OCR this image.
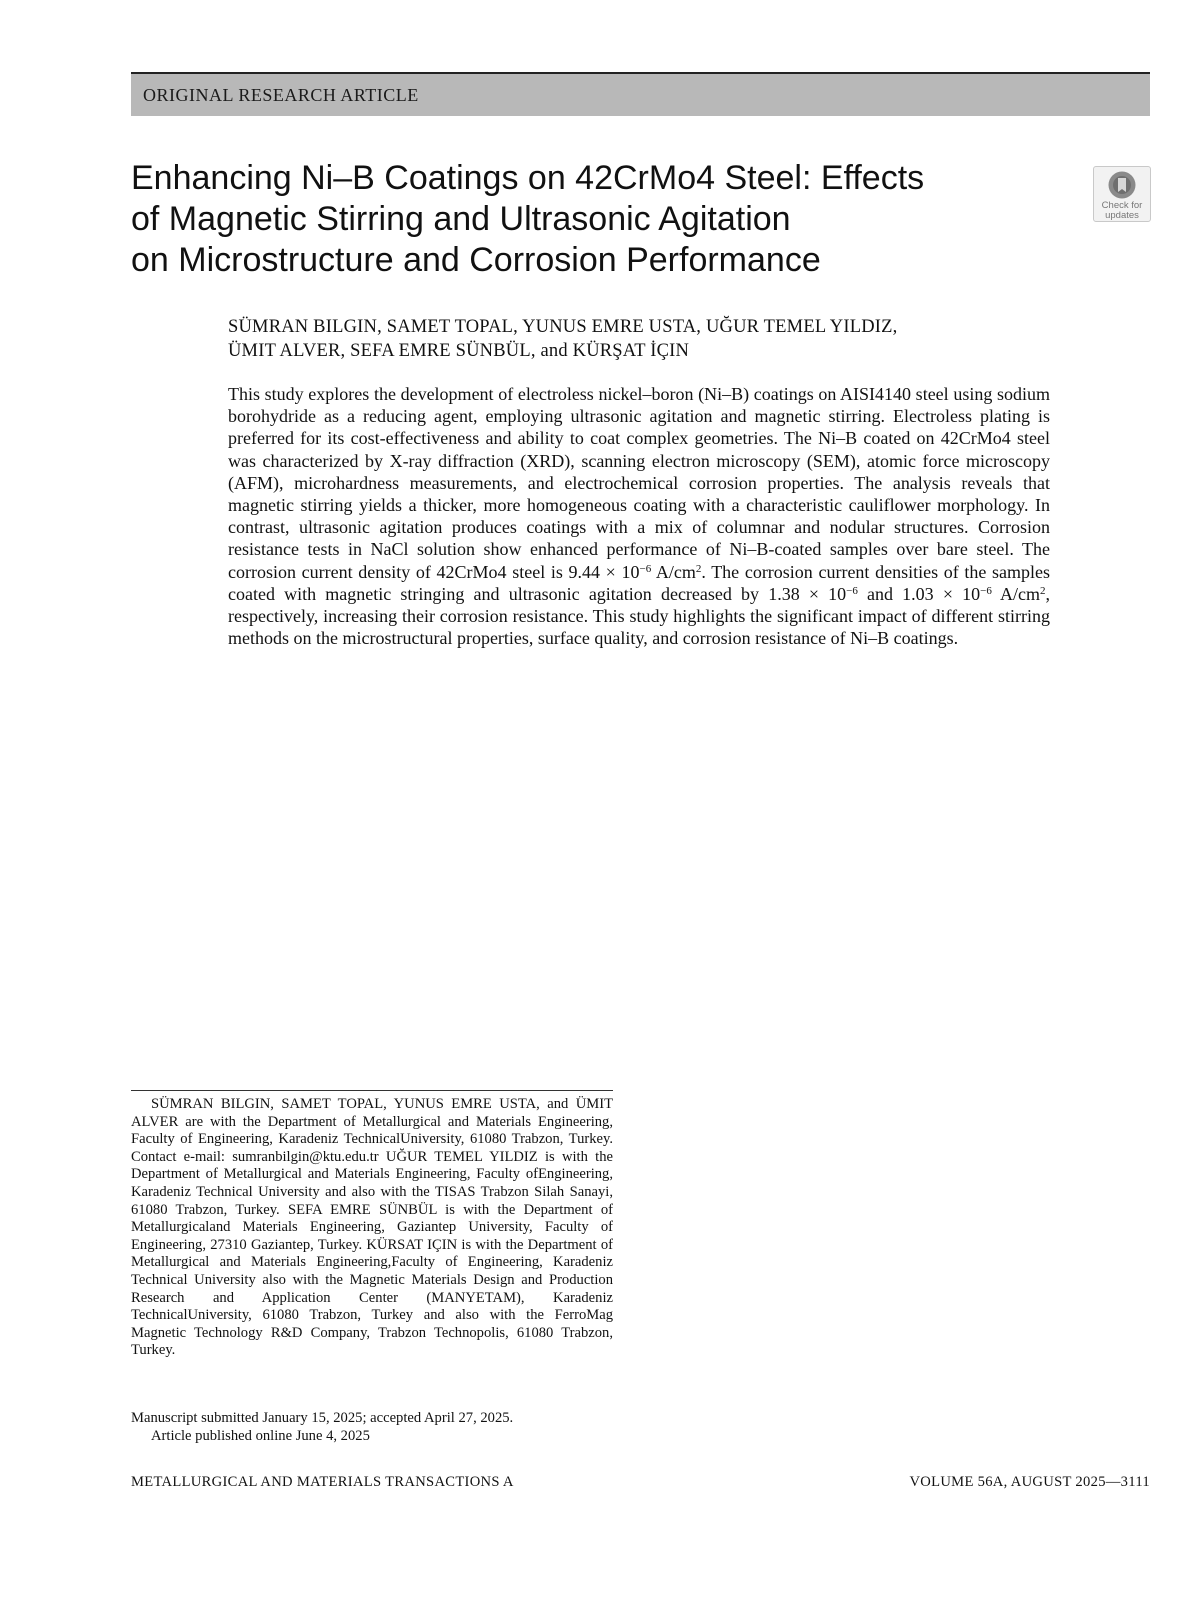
ORIGINAL RESEARCH ARTICLE
Enhancing Ni–B Coatings on 42CrMo4 Steel: Effects
of Magnetic Stirring and Ultrasonic Agitation
on Microstructure and Corrosion Performance
Check for
updates

SÜMRAN BILGIN, SAMET TOPAL, YUNUS EMRE USTA, UĞUR TEMEL YILDIZ,
ÜMIT ALVER, SEFA EMRE SÜNBÜL, and KÜRŞAT İÇIN

This study explores the development of electroless nickel–boron (Ni–B) coatings on AISI4140 steel using sodium borohydride as a reducing agent, employing ultrasonic agitation and magnetic stirring. Electroless plating is preferred for its cost-effectiveness and ability to coat complex geometries. The Ni–B coated on 42CrMo4 steel was characterized by X-ray diffraction (XRD), scanning electron microscopy (SEM), atomic force microscopy (AFM), microhardness measurements, and electrochemical corrosion properties. The analysis reveals that magnetic stirring yields a thicker, more homogeneous coating with a characteristic cauliflower morphology. In contrast, ultrasonic agitation produces coatings with a mix of columnar and nodular structures. Corrosion resistance tests in NaCl solution show enhanced performance of Ni–B-coated samples over bare steel. The corrosion current density of 42CrMo4 steel is $9.44 \times 10^{-6}$ $A/cm^2$. The corrosion current densities of the samples coated with magnetic stringing and ultrasonic agitation decreased by $1.38 \times 10^{-6}$ and $1.03 \times 10^{-6}$ $A/cm^2$, respectively, increasing their corrosion resistance. This study highlights the significant impact of different stirring methods on the microstructural properties, surface quality, and corrosion resistance of Ni–B coatings.

SÜMRAN BILGIN, SAMET TOPAL, YUNUS EMRE USTA, and ÜMIT ALVER are with the Department of Metallurgical and Materials Engineering, Faculty of Engineering, Karadeniz TechnicalUniversity, 61080 Trabzon, Turkey. Contact e-mail: sumranbilgin@ktu.edu.tr UĞUR TEMEL YILDIZ is with the Department of Metallurgical and Materials Engineering, Faculty ofEngineering, Karadeniz Technical University and also with the TISAS Trabzon Silah Sanayi, 61080 Trabzon, Turkey. SEFA EMRE SÜNBÜL is with the Department of Metallurgicaland Materials Engineering, Gaziantep University, Faculty of Engineering, 27310 Gaziantep, Turkey. KÜRSAT IÇIN is with the Department of Metallurgical and Materials Engineering,Faculty of Engineering, Karadeniz Technical University also with the Magnetic Materials Design and Production Research and Application Center (MANYETAM), Karadeniz TechnicalUniversity, 61080 Trabzon, Turkey and also with the FerroMag Magnetic Technology R&D Company, Trabzon Technopolis, 61080 Trabzon, Turkey.

Manuscript submitted January 15, 2025; accepted April 27, 2025.
Article published online June 4, 2025

METALLURGICAL AND MATERIALS TRANSACTIONS A	VOLUME 56A, AUGUST 2025—3111
